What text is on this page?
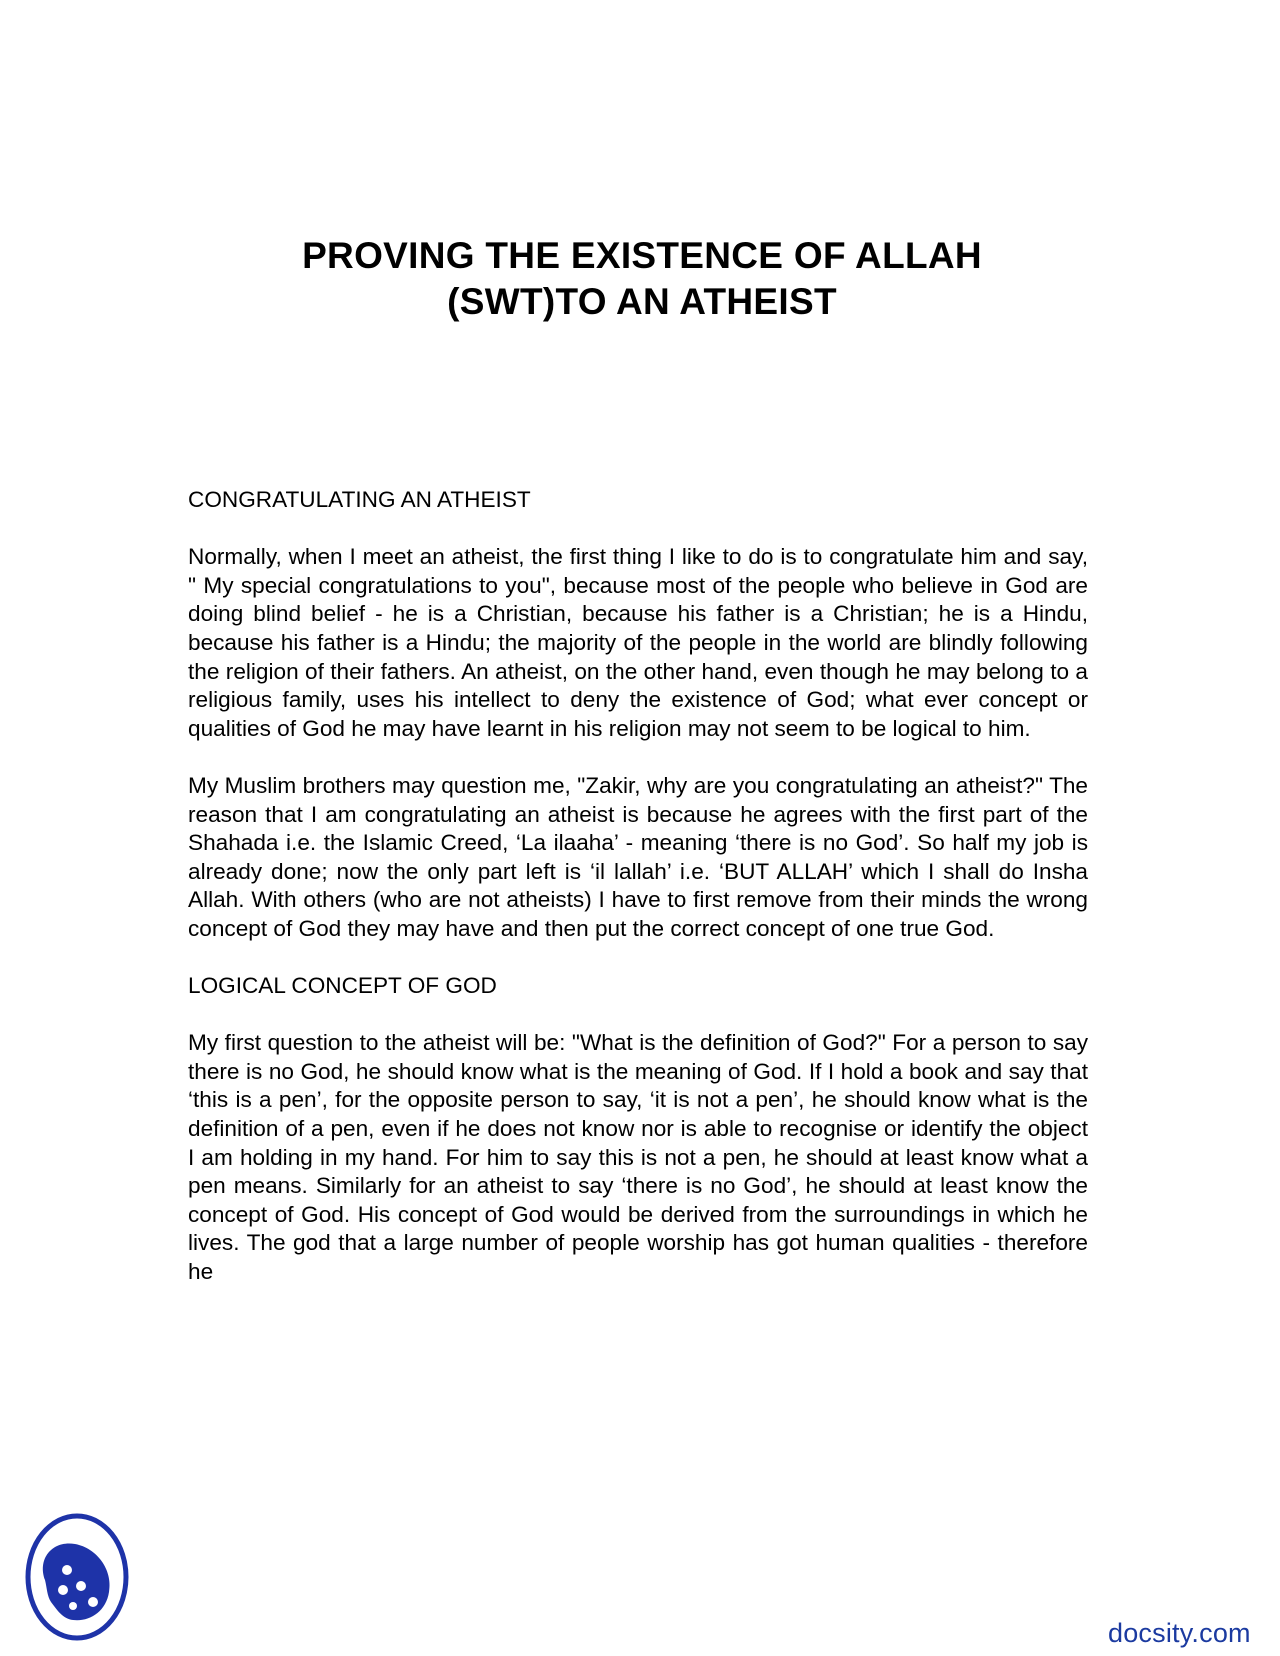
PROVING THE EXISTENCE OF ALLAH
(SWT)TO AN ATHEIST
CONGRATULATING AN ATHEIST

Normally, when I meet an atheist, the first thing I like to do is to congratulate him and say, " My special congratulations to you", because most of the people who believe in God are doing blind belief - he is a Christian, because his father is a Christian; he is a Hindu, because his father is a Hindu; the majority of the people in the world are blindly following the religion of their fathers. An atheist, on the other hand, even though he may belong to a religious family, uses his intellect to deny the existence of God; what ever concept or qualities of God he may have learnt in his religion may not seem to be logical to him.

My Muslim brothers may question me, "Zakir, why are you congratulating an atheist?" The reason that I am congratulating an atheist is because he agrees with the first part of the Shahada i.e. the Islamic Creed, ‘La ilaaha’ - meaning ‘there is no God’. So half my job is already done; now the only part left is ‘il lallah’ i.e. ‘BUT ALLAH’ which I shall do Insha Allah. With others (who are not atheists) I have to first remove from their minds the wrong concept of God they may have and then put the correct concept of one true God.

LOGICAL CONCEPT OF GOD

My first question to the atheist will be: "What is the definition of God?" For a person to say there is no God, he should know what is the meaning of God. If I hold a book and say that ‘this is a pen’, for the opposite person to say, ‘it is not a pen’, he should know what is the definition of a pen, even if he does not know nor is able to recognise or identify the object I am holding in my hand. For him to say this is not a pen, he should at least know what a pen means. Similarly for an atheist to say ‘there is no God’, he should at least know the concept of God. His concept of God would be derived from the surroundings in which he lives. The god that a large number of people worship has got human qualities - therefore he

docsity.com
